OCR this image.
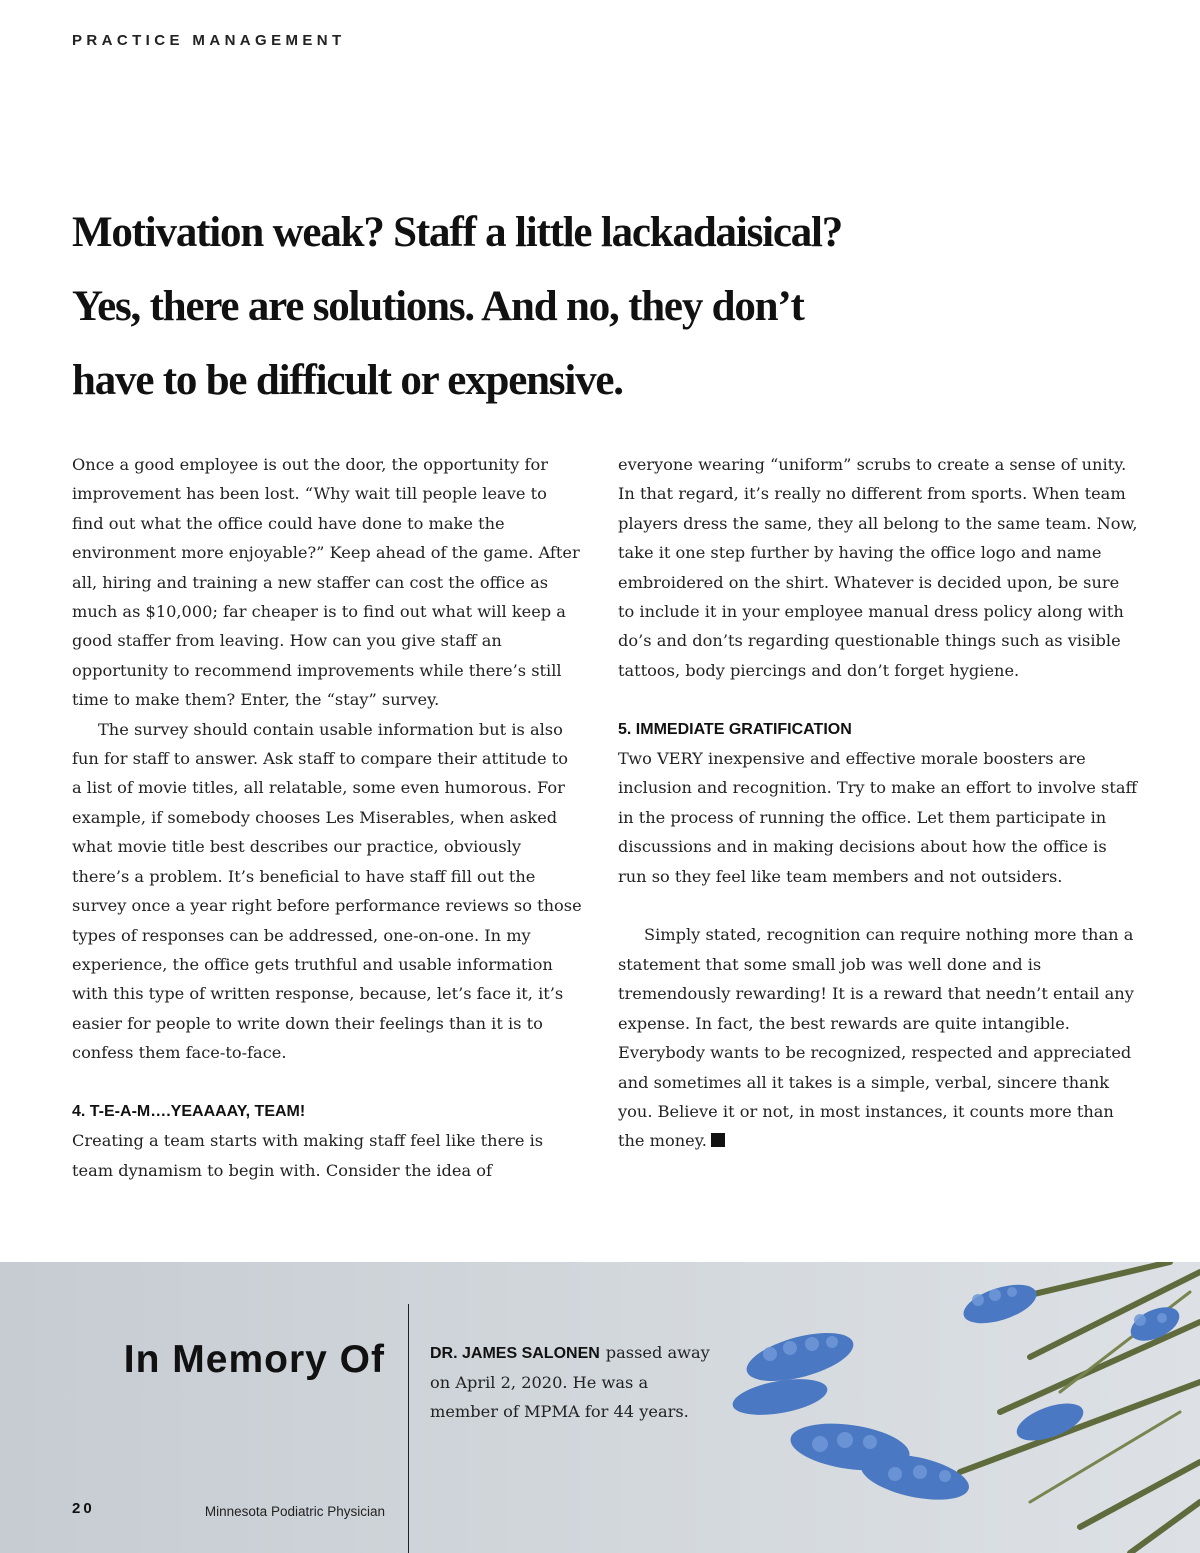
PRACTICE MANAGEMENT
Motivation weak? Staff a little lackadaisical?
Yes, there are solutions. And no, they don’t
have to be difficult or expensive.

Once a good employee is out the door, the opportunity for improvement has been lost. “Why wait till people leave to find out what the office could have done to make the environment more enjoyable?” Keep ahead of the game. After all, hiring and training a new staffer can cost the office as much as $10,000; far cheaper is to find out what will keep a good staffer from leaving. How can you give staff an opportunity to recommend improvements while there’s still time to make them? Enter, the “stay” survey.

The survey should contain usable information but is also fun for staff to answer. Ask staff to compare their attitude to a list of movie titles, all relatable, some even humorous. For example, if somebody chooses Les Miserables, when asked what movie title best describes our practice, obviously there’s a problem. It’s beneficial to have staff fill out the survey once a year right before performance reviews so those types of responses can be addressed, one-on-one. In my experience, the office gets truthful and usable information with this type of written response, because, let’s face it, it’s easier for people to write down their feelings than it is to confess them face-to-face.

4. T-E-A-M….YEAAAAY, TEAM!

Creating a team starts with making staff feel like there is team dynamism to begin with. Consider the idea of

everyone wearing “uniform” scrubs to create a sense of unity. In that regard, it’s really no different from sports. When team players dress the same, they all belong to the same team. Now, take it one step further by having the office logo and name embroidered on the shirt. Whatever is decided upon, be sure to include it in your employee manual dress policy along with do’s and don’ts regarding questionable things such as visible tattoos, body piercings and don’t forget hygiene.

5. IMMEDIATE GRATIFICATION

Two VERY inexpensive and effective morale boosters are inclusion and recognition. Try to make an effort to involve staff in the process of running the office. Let them participate in discussions and in making decisions about how the office is run so they feel like team members and not outsiders.

Simply stated, recognition can require nothing more than a statement that some small job was well done and is tremendously rewarding! It is a reward that needn’t entail any expense. In fact, the best rewards are quite intangible. Everybody wants to be recognized, respected and appreciated and sometimes all it takes is a simple, verbal, sincere thank you. Believe it or not, in most instances, it counts more than the money.

In Memory Of	DR. JAMES SALONEN passed away on April 2, 2020. He was a member of MPMA for 44 years.
20	Minnesota Podiatric Physician
